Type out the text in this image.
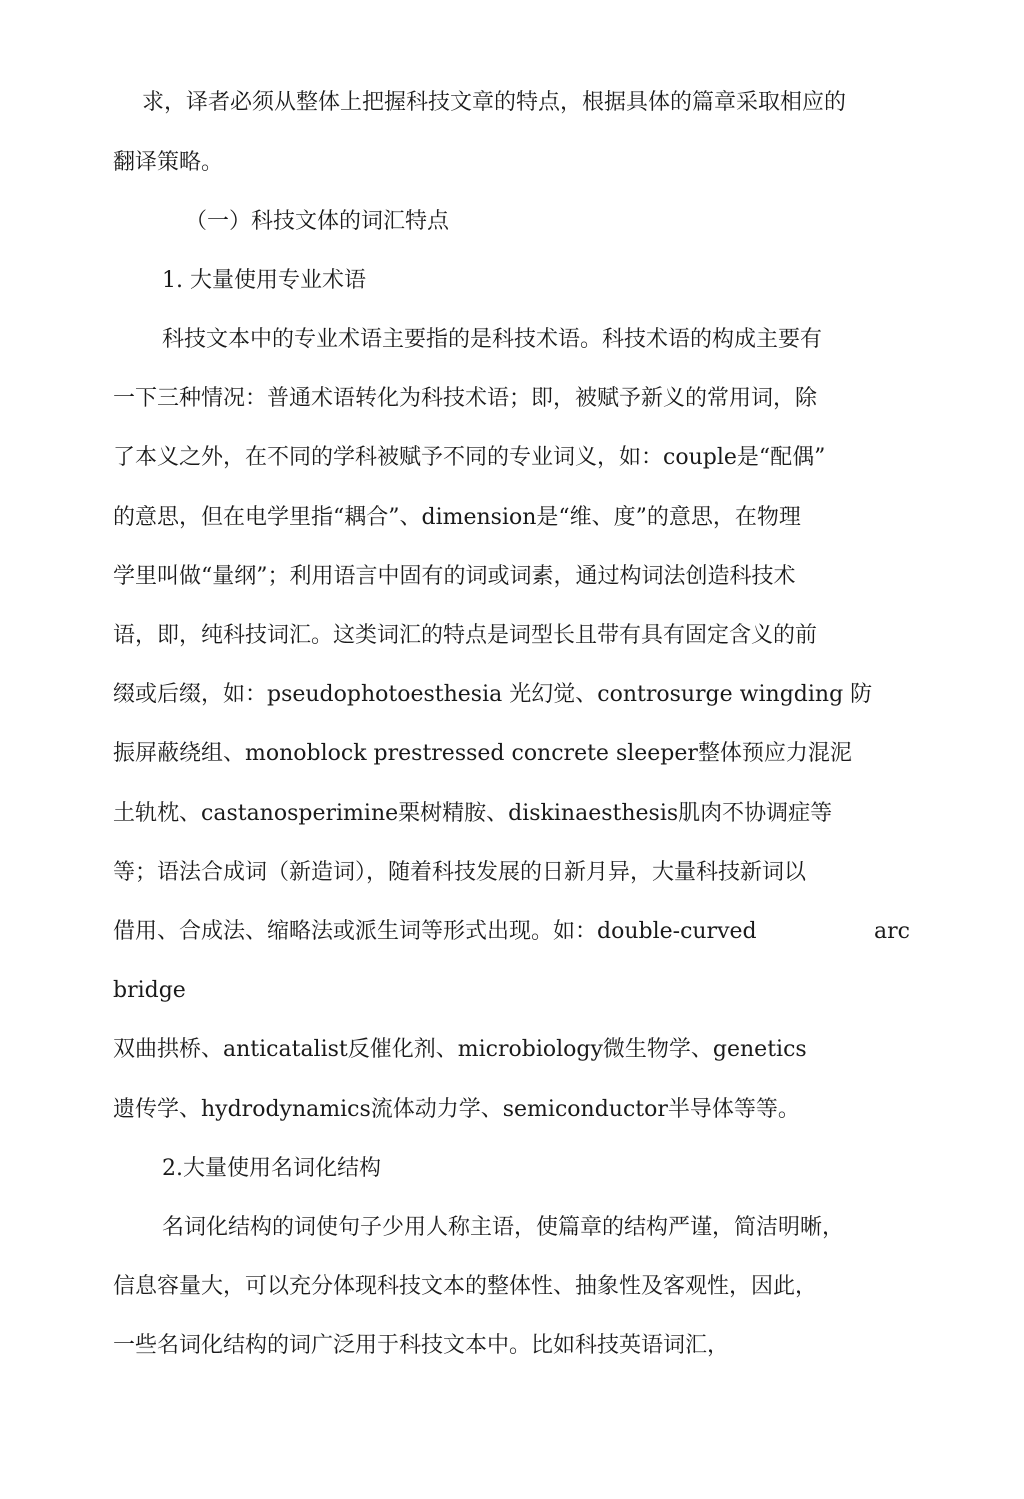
求，译者必须从整体上把握科技文章的特点，根据具体的篇章采取相应的
翻译策略。
（一）科技文体的词汇特点
1. 大量使用专业术语
科技文本中的专业术语主要指的是科技术语。科技术语的构成主要有
一下三种情况：普通术语转化为科技术语；即，被赋予新义的常用词，除
了本义之外，在不同的学科被赋予不同的专业词义，如：couple是“配偶”
的意思，但在电学里指“耦合”、dimension是“维、度”的意思，在物理
学里叫做“量纲”；利用语言中固有的词或词素，通过构词法创造科技术
语，即，纯科技词汇。这类词汇的特点是词型长且带有具有固定含义的前
缀或后缀，如：pseudophotoesthesia 光幻觉、controsurge wingding 防
振屏蔽绕组、monoblock prestressed concrete sleeper整体预应力混泥
土轨枕、castanosperimine栗树精胺、diskinaesthesis肌肉不协调症等
等；语法合成词（新造词），随着科技发展的日新月异，大量科技新词以
借用、合成法、缩略法或派生词等形式出现。如：double-curved	arc
bridge
双曲拱桥、anticatalist反催化剂、microbiology微生物学、genetics
遗传学、hydrodynamics流体动力学、semiconductor半导体等等。
2.大量使用名词化结构
名词化结构的词使句子少用人称主语，使篇章的结构严谨，简洁明晰，
信息容量大，可以充分体现科技文本的整体性、抽象性及客观性，因此，
一些名词化结构的词广泛用于科技文本中。比如科技英语词汇，
